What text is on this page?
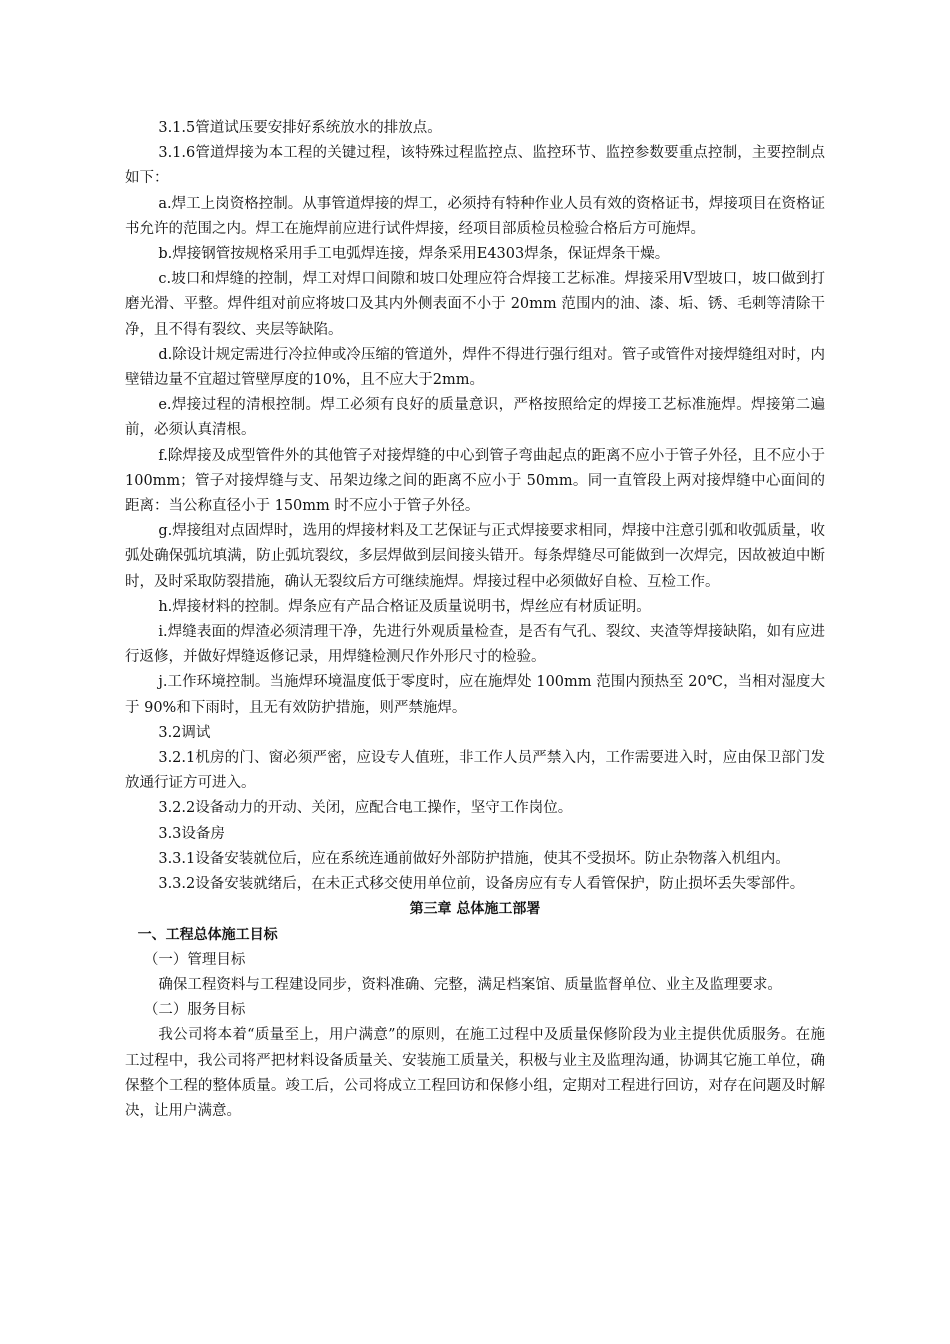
3.1.5管道试压要安排好系统放水的排放点。

3.1.6管道焊接为本工程的关键过程，该特殊过程监控点、监控环节、监控参数要重点控制，主要控制点如下：

a.焊工上岗资格控制。从事管道焊接的焊工，必须持有特种作业人员有效的资格证书，焊接项目在资格证书允许的范围之内。焊工在施焊前应进行试件焊接，经项目部质检员检验合格后方可施焊。

b.焊接钢管按规格采用手工电弧焊连接，焊条采用E4303焊条，保证焊条干燥。

c.坡口和焊缝的控制，焊工对焊口间隙和坡口处理应符合焊接工艺标准。焊接采用Ⅴ型坡口，坡口做到打磨光滑、平整。焊件组对前应将坡口及其内外侧表面不小于 20mm 范围内的油、漆、垢、锈、毛刺等清除干净，且不得有裂纹、夹层等缺陷。

d.除设计规定需进行冷拉伸或冷压缩的管道外，焊件不得进行强行组对。管子或管件对接焊缝组对时，内壁错边量不宜超过管壁厚度的10%，且不应大于2mm。

e.焊接过程的清根控制。焊工必须有良好的质量意识，严格按照给定的焊接工艺标准施焊。焊接第二遍前，必须认真清根。

f.除焊接及成型管件外的其他管子对接焊缝的中心到管子弯曲起点的距离不应小于管子外径，且不应小于 100mm；管子对接焊缝与支、吊架边缘之间的距离不应小于 50mm。同一直管段上两对接焊缝中心面间的距离：当公称直径小于 150mm 时不应小于管子外径。

g.焊接组对点固焊时，选用的焊接材料及工艺保证与正式焊接要求相同，焊接中注意引弧和收弧质量，收弧处确保弧坑填满，防止弧坑裂纹，多层焊做到层间接头错开。每条焊缝尽可能做到一次焊完，因故被迫中断时，及时采取防裂措施，确认无裂纹后方可继续施焊。焊接过程中必须做好自检、互检工作。

h.焊接材料的控制。焊条应有产品合格证及质量说明书，焊丝应有材质证明。

i.焊缝表面的焊渣必须清理干净，先进行外观质量检查，是否有气孔、裂纹、夹渣等焊接缺陷，如有应进行返修，并做好焊缝返修记录，用焊缝检测尺作外形尺寸的检验。

j.工作环境控制。当施焊环境温度低于零度时，应在施焊处 100mm 范围内预热至 20℃，当相对湿度大于 90%和下雨时，且无有效防护措施，则严禁施焊。

3.2调试

3.2.1机房的门、窗必须严密，应设专人值班，非工作人员严禁入内，工作需要进入时，应由保卫部门发放通行证方可进入。

3.2.2设备动力的开动、关闭，应配合电工操作，坚守工作岗位。

3.3设备房

3.3.1设备安装就位后，应在系统连通前做好外部防护措施，使其不受损坏。防止杂物落入机组内。

3.3.2设备安装就绪后，在未正式移交使用单位前，设备房应有专人看管保护，防止损坏丢失零部件。

第三章 总体施工部署

一、工程总体施工目标

（一）管理目标

确保工程资料与工程建设同步，资料准确、完整，满足档案馆、质量监督单位、业主及监理要求。

（二）服务目标

我公司将本着“质量至上，用户满意”的原则，在施工过程中及质量保修阶段为业主提供优质服务。在施工过程中，我公司将严把材料设备质量关、安装施工质量关，积极与业主及监理沟通，协调其它施工单位，确保整个工程的整体质量。竣工后，公司将成立工程回访和保修小组，定期对工程进行回访，对存在问题及时解决，让用户满意。
